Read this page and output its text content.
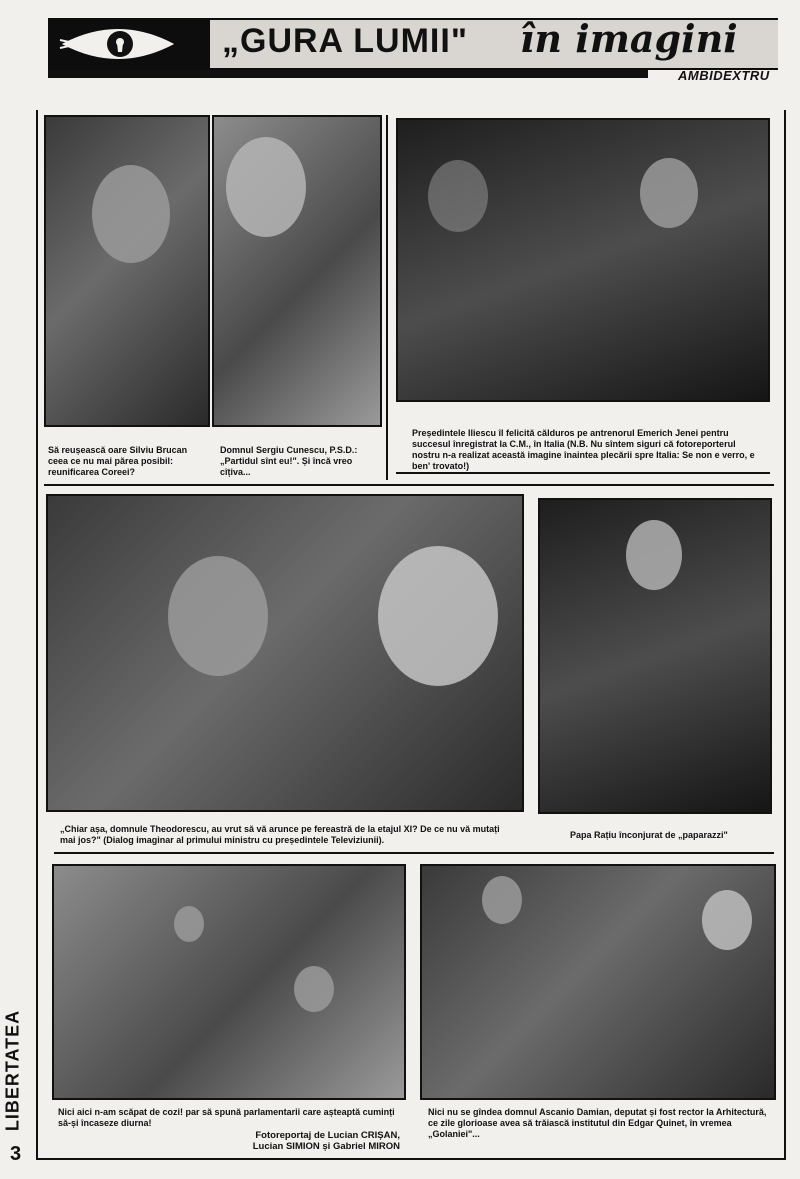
„GURA LUMII" în imagini
AMBIDEXTRU
Să reușească oare Silviu Brucan ceea ce nu mai părea posibil: reunificarea Coreei?
Domnul Sergiu Cunescu, P.S.D.: „Partidul sînt eu!". Și încă vreo cîțiva...
Președintele Iliescu îl felicită călduros pe antrenorul Emerich Jenei pentru succesul înregistrat la C.M., în Italia (N.B. Nu sîntem siguri că fotoreporterul nostru n-a realizat această imagine înaintea plecării spre Italia: Se non e verro, e ben' trovato!)
„Chiar așa, domnule Theodorescu, au vrut să vă arunce pe fereastră de la etajul XI? De ce nu vă mutați mai jos?" (Dialog imaginar al primului ministru cu președintele Televiziunii).	Papa Rațiu înconjurat de „paparazzi"
Nici aici n-am scăpat de cozi! par să spună parlamentarii care așteaptă cuminți să-și încaseze diurna!
Fotoreportaj de Lucian CRIȘAN,
Lucian SIMION și Gabriel MIRON
Nici nu se gîndea domnul Ascanio Damian, deputat și fost rector la Arhitectură, ce zile glorioase avea să trăiască institutul din Edgar Quinet, în vremea „Golaniei"...
LIBERTATEA
3
